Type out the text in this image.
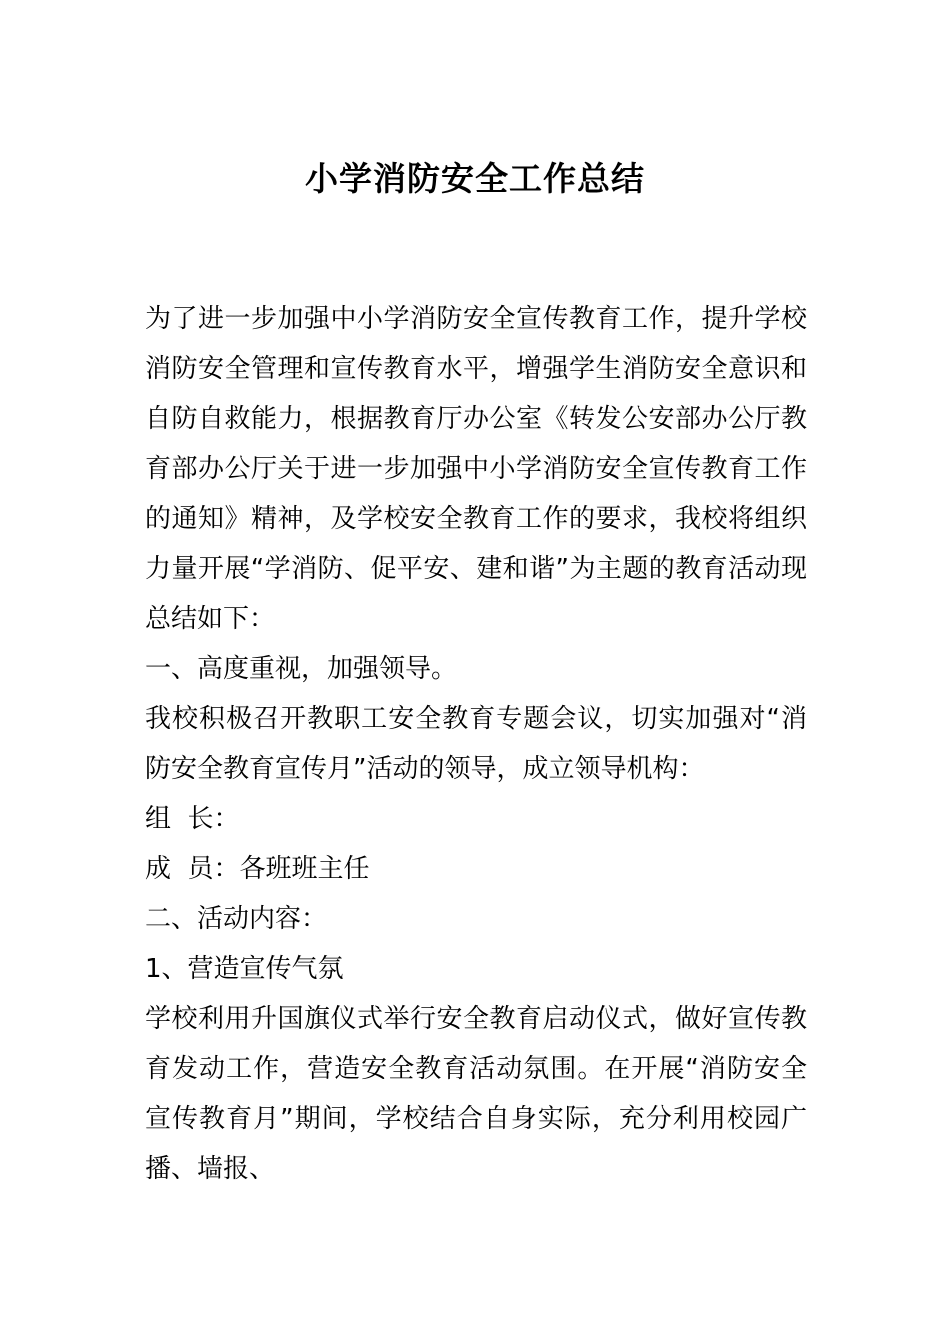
小学消防安全工作总结

为了进一步加强中小学消防安全宣传教育工作，提升学校消防安全管理和宣传教育水平，增强学生消防安全意识和自防自救能力，根据教育厅办公室《转发公安部办公厅教育部办公厅关于进一步加强中小学消防安全宣传教育工作的通知》精神，及学校安全教育工作的要求，我校将组织力量开展“学消防、促平安、建和谐”为主题的教育活动现总结如下：

一、高度重视，加强领导。

我校积极召开教职工安全教育专题会议，切实加强对“消防安全教育宣传月”活动的领导，成立领导机构：

组  长：

成  员：各班班主任

二、活动内容：

1、营造宣传气氛

学校利用升国旗仪式举行安全教育启动仪式，做好宣传教育发动工作，营造安全教育活动氛围。在开展“消防安全宣传教育月”期间，学校结合自身实际，充分利用校园广播、墙报、
